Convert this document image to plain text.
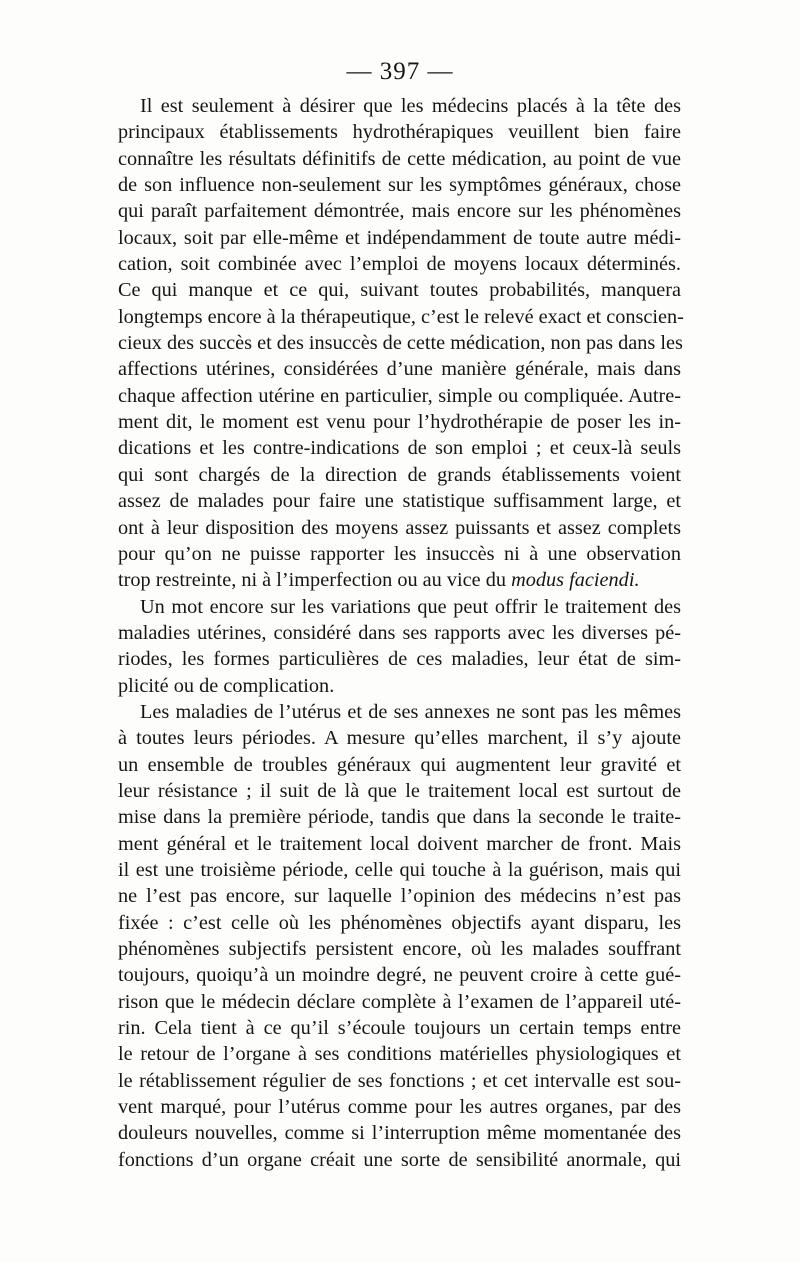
— 397 —
Il est seulement à désirer que les médecins placés à la tête des
principaux établissements hydrothérapiques veuillent bien faire
connaître les résultats définitifs de cette médication, au point de vue
de son influence non-seulement sur les symptômes généraux, chose
qui paraît parfaitement démontrée, mais encore sur les phénomènes
locaux, soit par elle-même et indépendamment de toute autre médi-
cation, soit combinée avec l’emploi de moyens locaux déterminés.
Ce qui manque et ce qui, suivant toutes probabilités, manquera
longtemps encore à la thérapeutique, c’est le relevé exact et conscien-
cieux des succès et des insuccès de cette médication, non pas dans les
affections utérines, considérées d’une manière générale, mais dans
chaque affection utérine en particulier, simple ou compliquée. Autre-
ment dit, le moment est venu pour l’hydrothérapie de poser les in-
dications et les contre-indications de son emploi ; et ceux-là seuls
qui sont chargés de la direction de grands établissements voient
assez de malades pour faire une statistique suffisamment large, et
ont à leur disposition des moyens assez puissants et assez complets
pour qu’on ne puisse rapporter les insuccès ni à une observation
trop restreinte, ni à l’imperfection ou au vice du modus faciendi.
Un mot encore sur les variations que peut offrir le traitement des
maladies utérines, considéré dans ses rapports avec les diverses pé-
riodes, les formes particulières de ces maladies, leur état de sim-
plicité ou de complication.
Les maladies de l’utérus et de ses annexes ne sont pas les mêmes
à toutes leurs périodes. A mesure qu’elles marchent, il s’y ajoute
un ensemble de troubles généraux qui augmentent leur gravité et
leur résistance ; il suit de là que le traitement local est surtout de
mise dans la première période, tandis que dans la seconde le traite-
ment général et le traitement local doivent marcher de front. Mais
il est une troisième période, celle qui touche à la guérison, mais qui
ne l’est pas encore, sur laquelle l’opinion des médecins n’est pas
fixée : c’est celle où les phénomènes objectifs ayant disparu, les
phénomènes subjectifs persistent encore, où les malades souffrant
toujours, quoiqu’à un moindre degré, ne peuvent croire à cette gué-
rison que le médecin déclare complète à l’examen de l’appareil uté-
rin. Cela tient à ce qu’il s’écoule toujours un certain temps entre
le retour de l’organe à ses conditions matérielles physiologiques et
le rétablissement régulier de ses fonctions ; et cet intervalle est sou-
vent marqué, pour l’utérus comme pour les autres organes, par des
douleurs nouvelles, comme si l’interruption même momentanée des
fonctions d’un organe créait une sorte de sensibilité anormale, qui
